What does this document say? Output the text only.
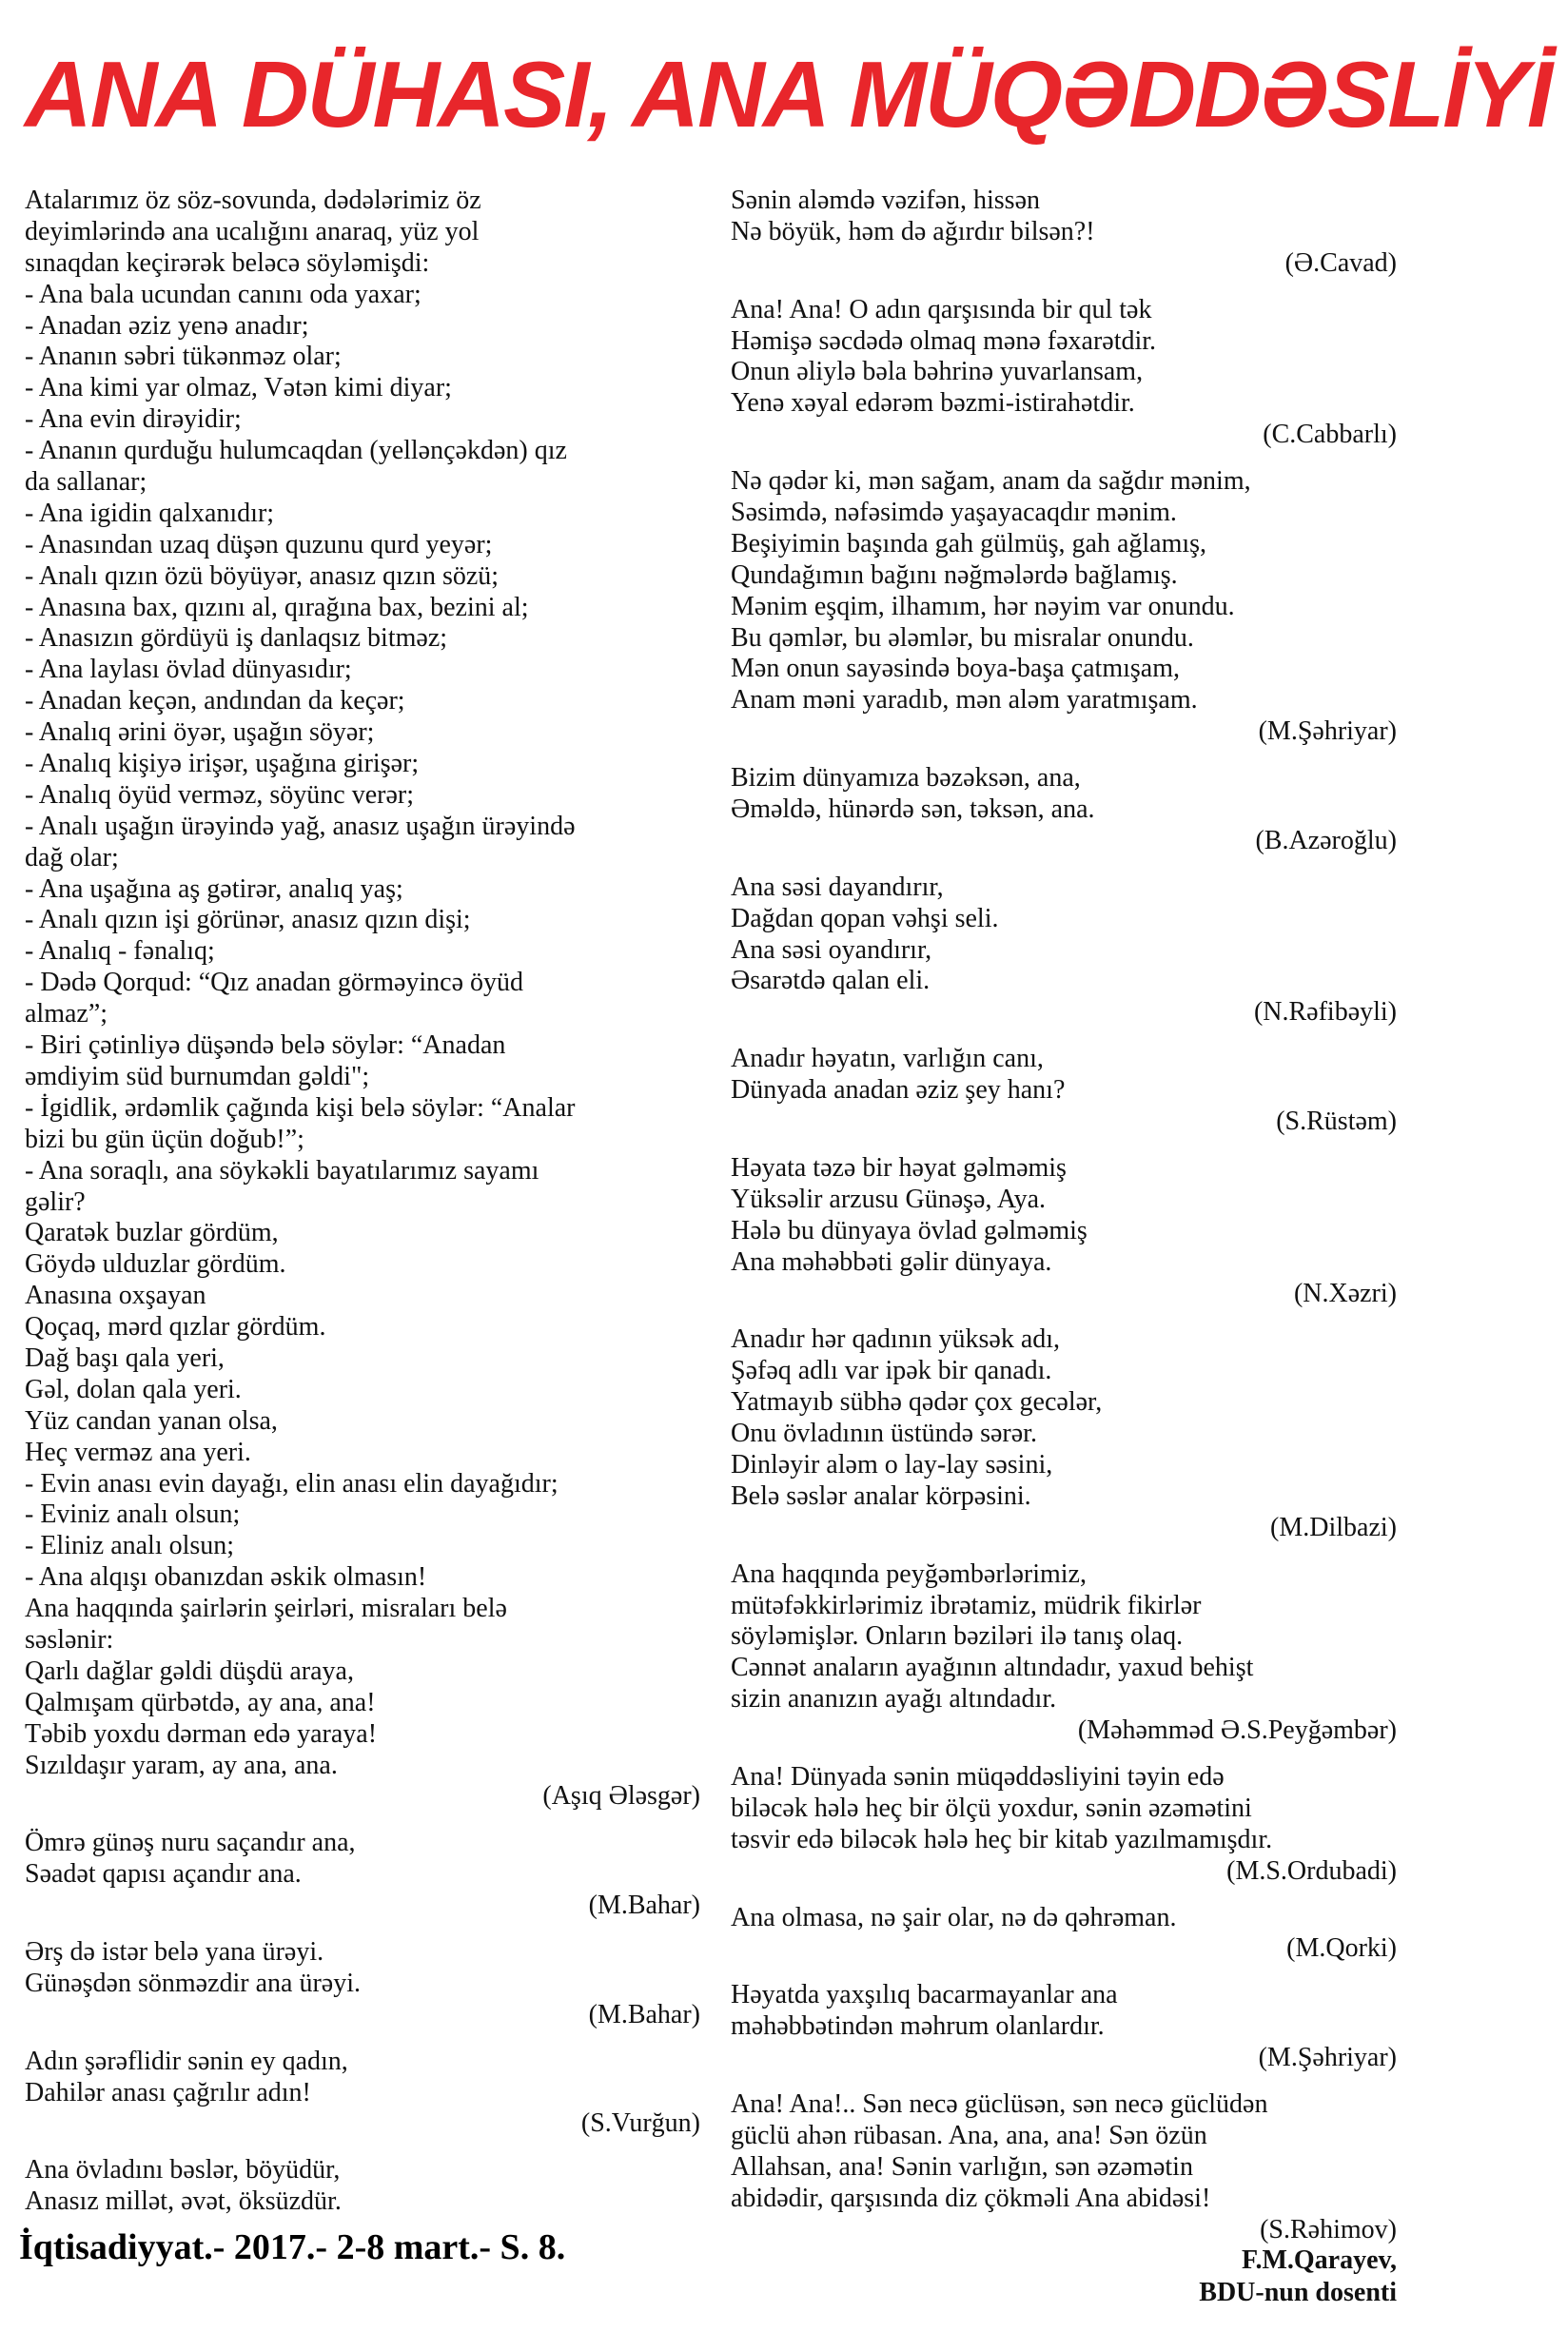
ANA DÜHASI, ANA MÜQƏDDƏSLİYİ
Atalarımız öz söz-sovunda, dədələrimiz öz
deyimlərində ana ucalığını anaraq, yüz yol
sınaqdan keçirərək beləcə söyləmişdi:
- Ana bala ucundan canını oda yaxar;
- Anadan əziz yenə anadır;
- Ananın səbri tükənməz olar;
- Ana kimi yar olmaz, Vətən kimi diyar;
- Ana evin dirəyidir;
- Ananın qurduğu hulumcaqdan (yellənçəkdən) qız
da sallanar;
- Ana igidin qalxanıdır;
- Anasından uzaq düşən quzunu qurd yeyər;
- Analı qızın özü böyüyər, anasız qızın sözü;
- Anasına bax, qızını al, qırağına bax, bezini al;
- Anasızın gördüyü iş danlaqsız bitməz;
- Ana laylası övlad dünyasıdır;
- Anadan keçən, andından da keçər;
- Analıq ərini öyər, uşağın söyər;
- Analıq kişiyə irişər, uşağına girişər;
- Analıq öyüd verməz, söyünc verər;
- Analı uşağın ürəyində yağ, anasız uşağın ürəyində
dağ olar;
- Ana uşağına aş gətirər, analıq yaş;
- Analı qızın işi görünər, anasız qızın dişi;
- Analıq - fənalıq;
- Dədə Qorqud: “Qız anadan görməyincə öyüd
almaz”;
- Biri çətinliyə düşəndə belə söylər: “Anadan
əmdiyim süd burnumdan gəldi";
- İgidlik, ərdəmlik çağında kişi belə söylər: “Analar
bizi bu gün üçün doğub!”;
- Ana soraqlı, ana söykəkli bayatılarımız sayamı
gəlir?
Qaratək buzlar gördüm,
Göydə ulduzlar gördüm.
Anasına oxşayan
Qoçaq, mərd qızlar gördüm.
Dağ başı qala yeri,
Gəl, dolan qala yeri.
Yüz candan yanan olsa,
Heç verməz ana yeri.
- Evin anası evin dayağı, elin anası elin dayağıdır;
- Eviniz analı olsun;
- Eliniz analı olsun;
- Ana alqışı obanızdan əskik olmasın!
Ana haqqında şairlərin şeirləri, misraları belə
səslənir:
Qarlı dağlar gəldi düşdü araya,
Qalmışam qürbətdə, ay ana, ana!
Təbib yoxdu dərman edə yaraya!
Sızıldaşır yaram, ay ana, ana.
(Aşıq Ələsgər)
Ömrə günəş nuru saçandır ana,
Səadət qapısı açandır ana.
(M.Bahar)
Ərş də istər belə yana ürəyi.
Günəşdən sönməzdir ana ürəyi.
(M.Bahar)
Adın şərəflidir sənin ey qadın,
Dahilər anası çağrılır adın!
(S.Vurğun)
Ana övladını bəslər, böyüdür,
Anasız millət, əvət, öksüzdür.
Sənin aləmdə vəzifən, hissən
Nə böyük, həm də ağırdır bilsən?!
(Ə.Cavad)
Ana! Ana! O adın qarşısında bir qul tək
Həmişə səcdədə olmaq mənə fəxarətdir.
Onun əliylə bəla bəhrinə yuvarlansam,
Yenə xəyal edərəm bəzmi-istirahətdir.
(C.Cabbarlı)
Nə qədər ki, mən sağam, anam da sağdır mənim,
Səsimdə, nəfəsimdə yaşayacaqdır mənim.
Beşiyimin başında gah gülmüş, gah ağlamış,
Qundağımın bağını nəğmələrdə bağlamış.
Mənim eşqim, ilhamım, hər nəyim var onundu.
Bu qəmlər, bu ələmlər, bu misralar onundu.
Mən onun sayəsində boya-başa çatmışam,
Anam məni yaradıb, mən aləm yaratmışam.
(M.Şəhriyar)
Bizim dünyamıza bəzəksən, ana,
Əməldə, hünərdə sən, təksən, ana.
(B.Azəroğlu)
Ana səsi dayandırır,
Dağdan qopan vəhşi seli.
Ana səsi oyandırır,
Əsarətdə qalan eli.
(N.Rəfibəyli)
Anadır həyatın, varlığın canı,
Dünyada anadan əziz şey hanı?
(S.Rüstəm)
Həyata təzə bir həyat gəlməmiş
Yüksəlir arzusu Günəşə, Aya.
Hələ bu dünyaya övlad gəlməmiş
Ana məhəbbəti gəlir dünyaya.
(N.Xəzri)
Anadır hər qadının yüksək adı,
Şəfəq adlı var ipək bir qanadı.
Yatmayıb sübhə qədər çox gecələr,
Onu övladının üstündə sərər.
Dinləyir aləm o lay-lay səsini,
Belə səslər analar körpəsini.
(M.Dilbazi)
Ana haqqında peyğəmbərlərimiz,
mütəfəkkirlərimiz ibrətamiz, müdrik fikirlər
söyləmişlər. Onların bəziləri ilə tanış olaq.
Cənnət anaların ayağının altındadır, yaxud behişt
sizin ananızın ayağı altındadır.
(Məhəmməd Ə.S.Peyğəmbər)
Ana! Dünyada sənin müqəddəsliyini təyin edə
biləcək hələ heç bir ölçü yoxdur, sənin əzəmətini
təsvir edə biləcək hələ heç bir kitab yazılmamışdır.
(M.S.Ordubadi)
Ana olmasa, nə şair olar, nə də qəhrəman.
(M.Qorki)
Həyatda yaxşılıq bacarmayanlar ana
məhəbbətindən məhrum olanlardır.
(M.Şəhriyar)
Ana! Ana!.. Sən necə güclüsən, sən necə güclüdən
güclü ahən rübasan. Ana, ana, ana! Sən özün
Allahsan, ana! Sənin varlığın, sən əzəmətin
abidədir, qarşısında diz çökməli Ana abidəsi!
(S.Rəhimov)
F.M.Qarayev,
BDU-nun dosenti
İqtisadiyyat.- 2017.- 2-8 mart.- S. 8.
